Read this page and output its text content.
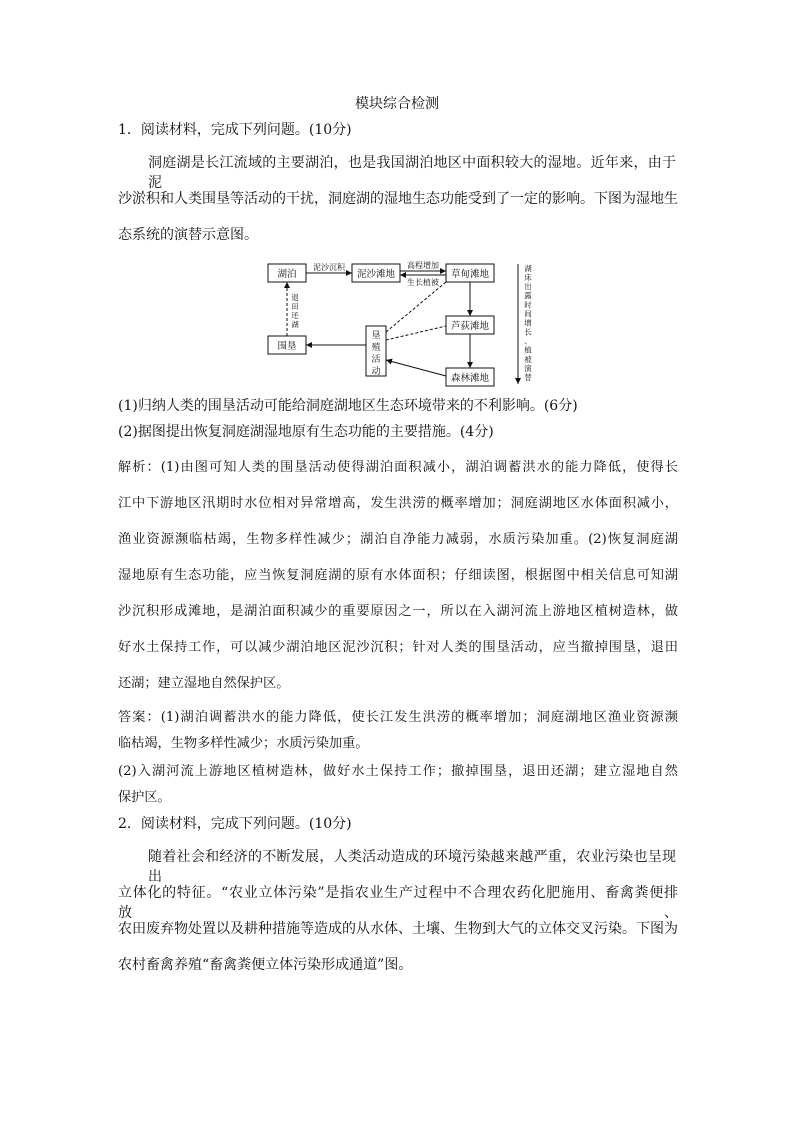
模块综合检测
1．阅读材料，完成下列问题。(10分)
洞庭湖是长江流域的主要湖泊，也是我国湖泊地区中面积较大的湿地。近年来，由于泥
沙淤积和人类围垦等活动的干扰，洞庭湖的湿地生态功能受到了一定的影响。下图为湿地生
态系统的演替示意图。
湖泊	泥沙滩地	草甸滩地
芦荻滩地
森林滩地
围垦
泥沙沉积	高程增加
生长植被
垦
殖
活
动
退
田
还
湖
湖
床
出
露
时
间
增
长
、
植
被
演
替
(1)归纳人类的围垦活动可能给洞庭湖地区生态环境带来的不利影响。(6分)
(2)据图提出恢复洞庭湖湿地原有生态功能的主要措施。(4分)
解析：(1)由图可知人类的围垦活动使得湖泊面积减小，湖泊调蓄洪水的能力降低，使得长
江中下游地区汛期时水位相对异常增高，发生洪涝的概率增加；洞庭湖地区水体面积减小，
渔业资源濒临枯竭，生物多样性减少；湖泊自净能力减弱，水质污染加重。(2)恢复洞庭湖
湿地原有生态功能，应当恢复洞庭湖的原有水体面积；仔细读图，根据图中相关信息可知湖
沙沉积形成滩地，是湖泊面积减少的重要原因之一，所以在入湖河流上游地区植树造林，做
好水土保持工作，可以减少湖泊地区泥沙沉积；针对人类的围垦活动，应当撤掉围垦，退田
还湖；建立湿地自然保护区。
答案：(1)湖泊调蓄洪水的能力降低，使长江发生洪涝的概率增加；洞庭湖地区渔业资源濒
临枯竭，生物多样性减少；水质污染加重。
(2)入湖河流上游地区植树造林，做好水土保持工作；撤掉围垦，退田还湖；建立湿地自然
保护区。
2．阅读材料，完成下列问题。(10分)
随着社会和经济的不断发展，人类活动造成的环境污染越来越严重，农业污染也呈现出
立体化的特征。“农业立体污染”是指农业生产过程中不合理农药化肥施用、畜禽粪便排放、
农田废弃物处置以及耕种措施等造成的从水体、土壤、生物到大气的立体交叉污染。下图为
农村畜禽养殖“畜禽粪便立体污染形成通道”图。
